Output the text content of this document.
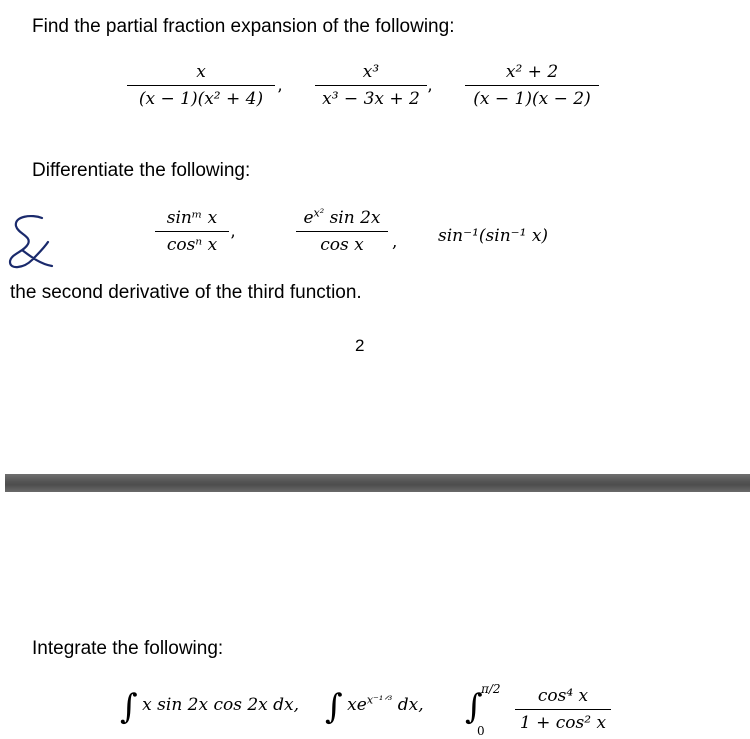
Find the partial fraction expansion of the following:
x
(x − 1)(x² + 4) ’
x³
x³ − 3x + 2 ’
x² + 2
(x − 1)(x − 2)
Differentiate the following:
sinᵐ x
cosⁿ x ’
$e^{x^2}$ sin 2x
cos x	, sin⁻¹(sin⁻¹ x)
the second derivative of the third function.
2
Integrate the following:
∫ x sin 2x cos 2x dx, ∫ $xe^{x^{-1}ᐟ^3}$ dx, ∫
π/2
0
cos⁴ x
1 + cos² x
